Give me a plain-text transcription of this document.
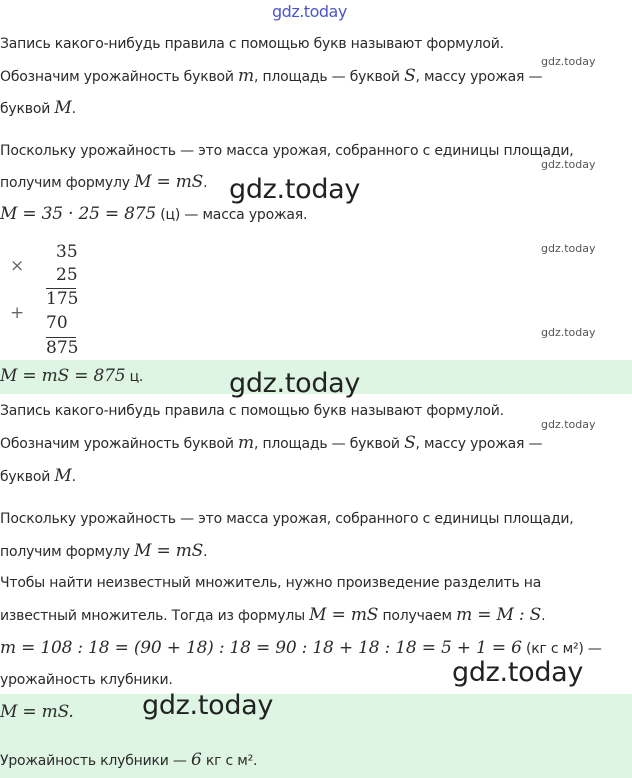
gdz.today
Запись какого-нибудь правила с помощью букв называют формулой.
gdz.today
Обозначим урожайность буквой m, площадь — буквой S, массу урожая —
буквой M.
Поскольку урожайность — это масса урожая, собранного с единицы площади,
gdz.today
получим формулу M = mS. gdz.today
M = 35 · 25 = 875 (ц) — масса урожая.
×
35
25
175
+ 70
875
gdz.today
gdz.today
M = mS = 875 ц.	gdz.today
Запись какого-нибудь правила с помощью букв называют формулой.
gdz.today
Обозначим урожайность буквой m, площадь — буквой S, массу урожая —
буквой M.
Поскольку урожайность — это масса урожая, собранного с единицы площади,
получим формулу M = mS.
Чтобы найти неизвестный множитель, нужно произведение разделить на
известный множитель. Тогда из формулы M = mS получаем m = M : S.
m = 108 : 18 = (90 + 18) : 18 = 90 : 18 + 18 : 18 = 5 + 1 = 6 (кг с м²) —
урожайность клубники.	gdz.today
M = mS.	gdz.today
Урожайность клубники — 6 кг с м².
